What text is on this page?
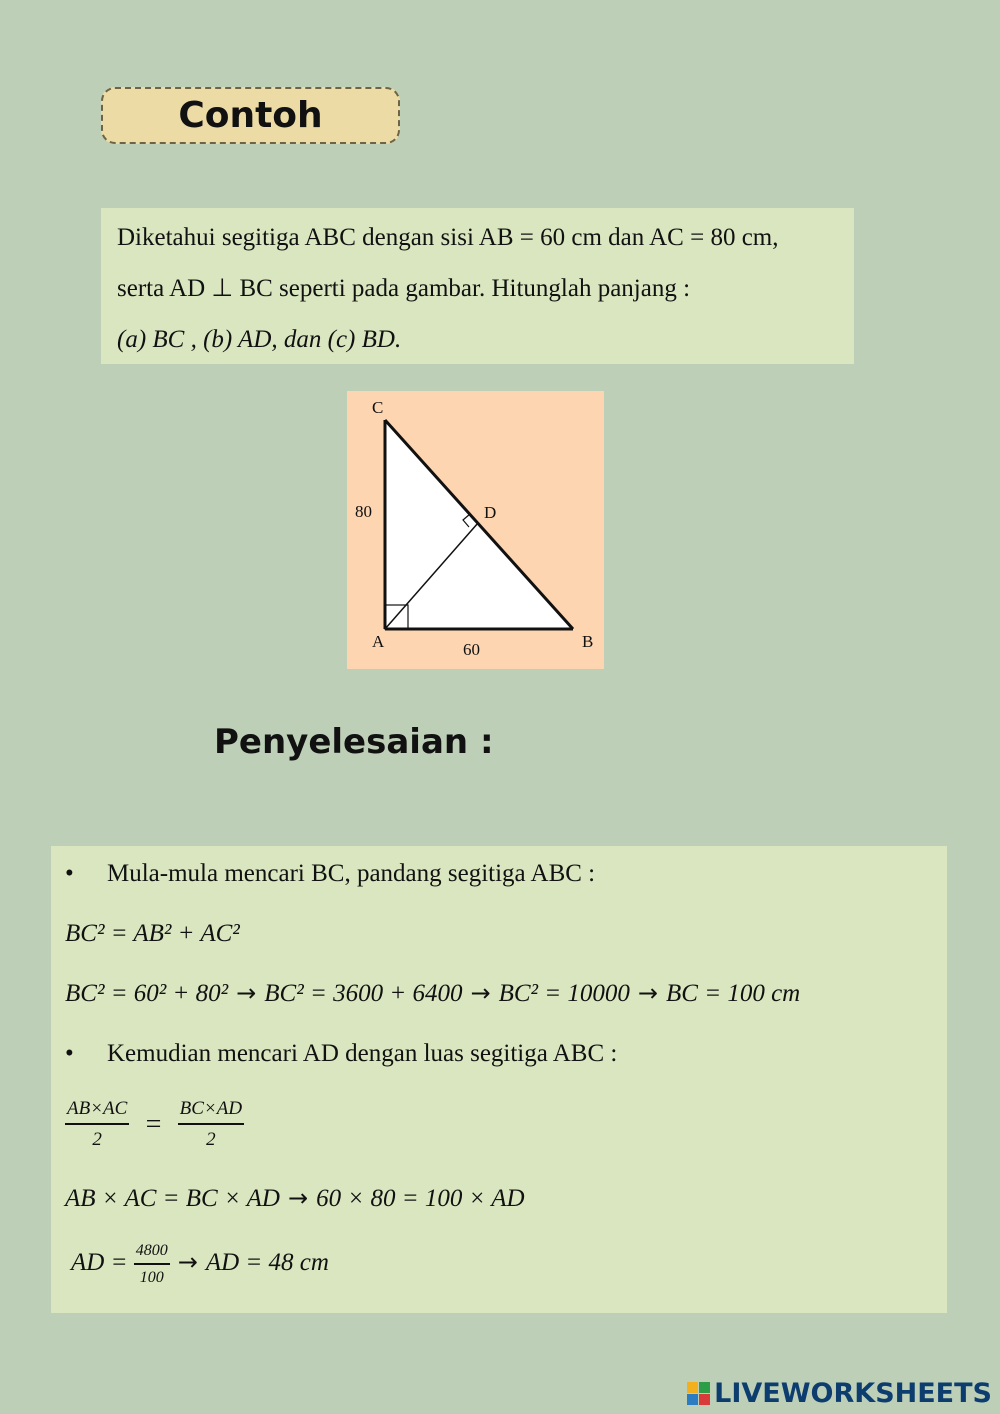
Contoh

Diketahui segitiga ABC dengan sisi AB = 60 cm dan AC = 80 cm,

serta AD ⊥ BC seperti pada gambar. Hitunglah panjang :

(a) BC , (b) AD, dan (c) BD.

C
D
A	B
80
60
Penyelesaian :
• Mula-mula mencari BC, pandang segitiga ABC :
BC² = AB² + AC²
BC² = 60² + 80² → BC² = 3600 + 6400 → BC² = 10000 → BC = 100 cm
• Kemudian mencari AD dengan luas segitiga ABC :
$\frac{AB\times AC}{2} = \frac{BC\times AD}{2}$
AB × AC = BC × AD → 60 × 80 = 100 × AD
AD = $\frac{4800}{100}$ → AD = 48 cm
LIVEWORKSHEETS
